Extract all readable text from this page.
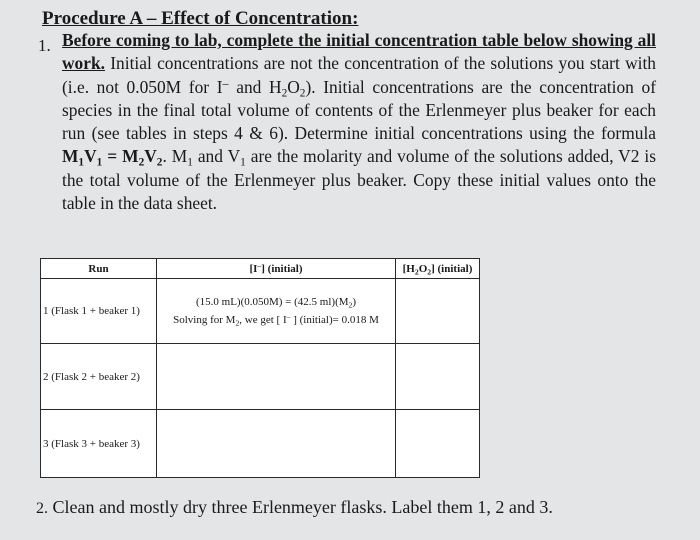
Procedure A – Effect of Concentration:
1. Before coming to lab, complete the initial concentration table below showing all work. Initial concentrations are not the concentration of the solutions you start with (i.e. not 0.050M for I– and $H_2O_2$). Initial concentrations are the concentration of species in the final total volume of contents of the Erlenmeyer plus beaker for each run (see tables in steps 4 & 6). Determine initial concentrations using the formula $M_1V_1 = M_2V_2$. $M_1$ and $V_1$ are the molarity and volume of the solutions added, V2 is the total volume of the Erlenmeyer plus beaker. Copy these initial values onto the table in the data sheet.
Run	[I–] (initial)	$[H_2O_2]$ (initial)
1 (Flask 1 + beaker 1)	(15.0 mL)(0.050M) = (42.5 $ml)(M_2)$
Solving for $M_2$, we get [ I– ] (initial)= 0.018 M	

2 (Flask 2 + beaker 2)		
3 (Flask 3 + beaker 3)		
2. Clean and mostly dry three Erlenmeyer flasks. Label them 1, 2 and 3.
